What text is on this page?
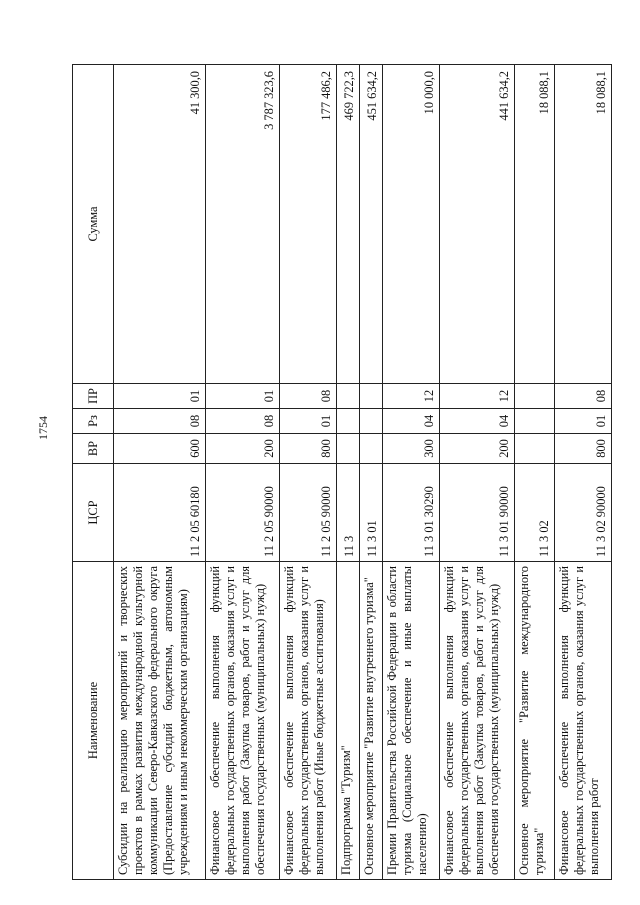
1754
Наименование	ЦСР	ВР	Рз	ПР	Сумма
Субсидии на реализацию мероприятий и творческих проектов в рамках развития международной культурной коммуникации Северо-Кавказского федерального округа (Предоставление субсидий бюджетным, автономным учреждениям и иным некоммерческим организациям)	11 2 05 60180	600	08	01	41 300,0
Финансовое обеспечение выполнения функций федеральных государственных органов, оказания услуг и выполнения работ (Закупка товаров, работ и услуг для обеспечения государственных (муниципальных) нужд)	11 2 05 90000	200	08	01	3 787 323,6
Финансовое обеспечение выполнения функций федеральных государственных органов, оказания услуг и выполнения работ (Иные бюджетные ассигнования)	11 2 05 90000	800	01	08	177 486,2
Подпрограмма "Туризм"	11 3				469 722,3
Основное мероприятие "Развитие внутреннего туризма"	11 3 01				451 634,2
Премии Правительства Российской Федерации в области туризма (Социальное обеспечение и иные выплаты населению)	11 3 01 30290	300	04	12	10 000,0
Финансовое обеспечение выполнения функций федеральных государственных органов, оказания услуг и выполнения работ (Закупка товаров, работ и услуг для обеспечения государственных (муниципальных) нужд)	11 3 01 90000	200	04	12	441 634,2
Основное мероприятие "Развитие международного туризма"	11 3 02				18 088,1
Финансовое обеспечение выполнения функций федеральных государственных органов, оказания услуг и выполнения работ	11 3 02 90000	800	01	08	18 088,1
